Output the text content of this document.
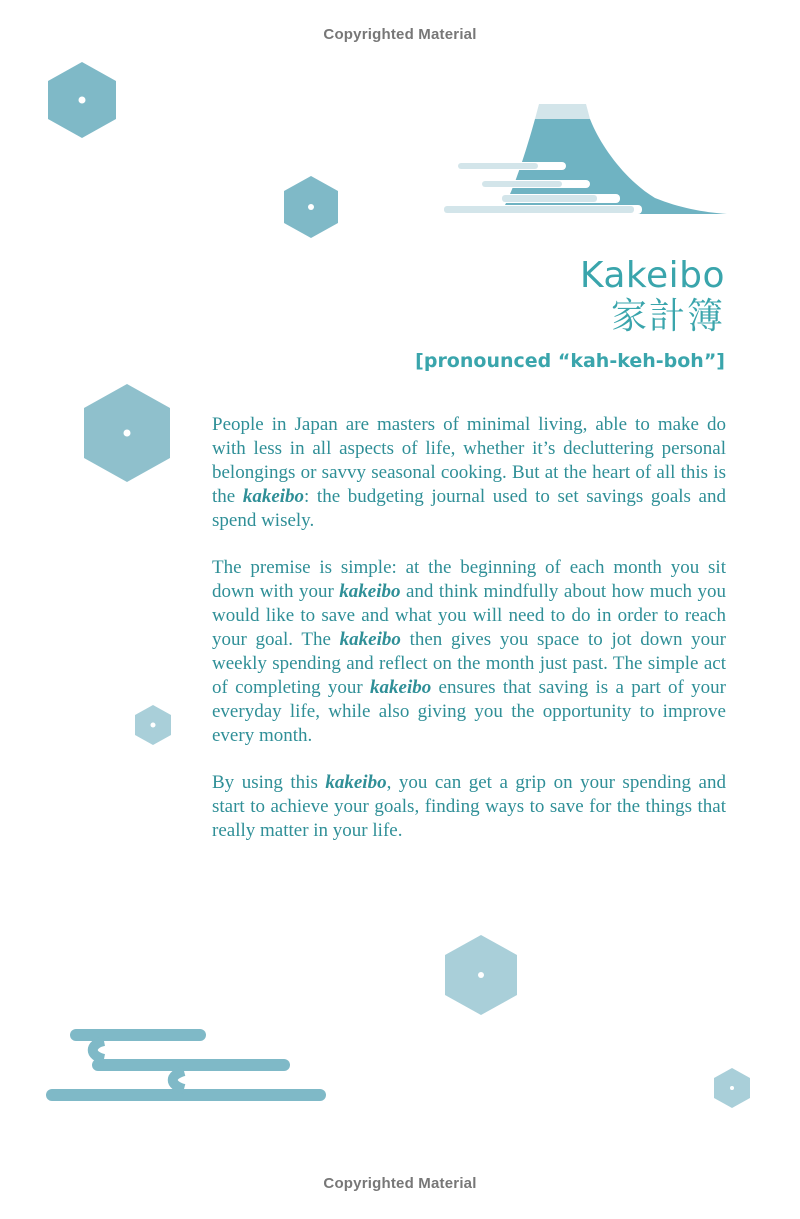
Copyrighted Material
Kakeibo
家計簿
[pronounced “kah-keh-boh”]

People in Japan are masters of minimal living, able to make do with less in all aspects of life, whether it’s decluttering personal belongings or savvy seasonal cooking. But at the heart of all this is the kakeibo: the budgeting journal used to set savings goals and spend wisely.

The premise is simple: at the beginning of each month you sit down with your kakeibo and think mindfully about how much you would like to save and what you will need to do in order to reach your goal. The kakeibo then gives you space to jot down your weekly spending and reflect on the month just past. The simple act of completing your kakeibo ensures that saving is a part of your everyday life, while also giving you the opportunity to improve every month.

By using this kakeibo, you can get a grip on your spending and start to achieve your goals, finding ways to save for the things that really matter in your life.

Copyrighted Material
